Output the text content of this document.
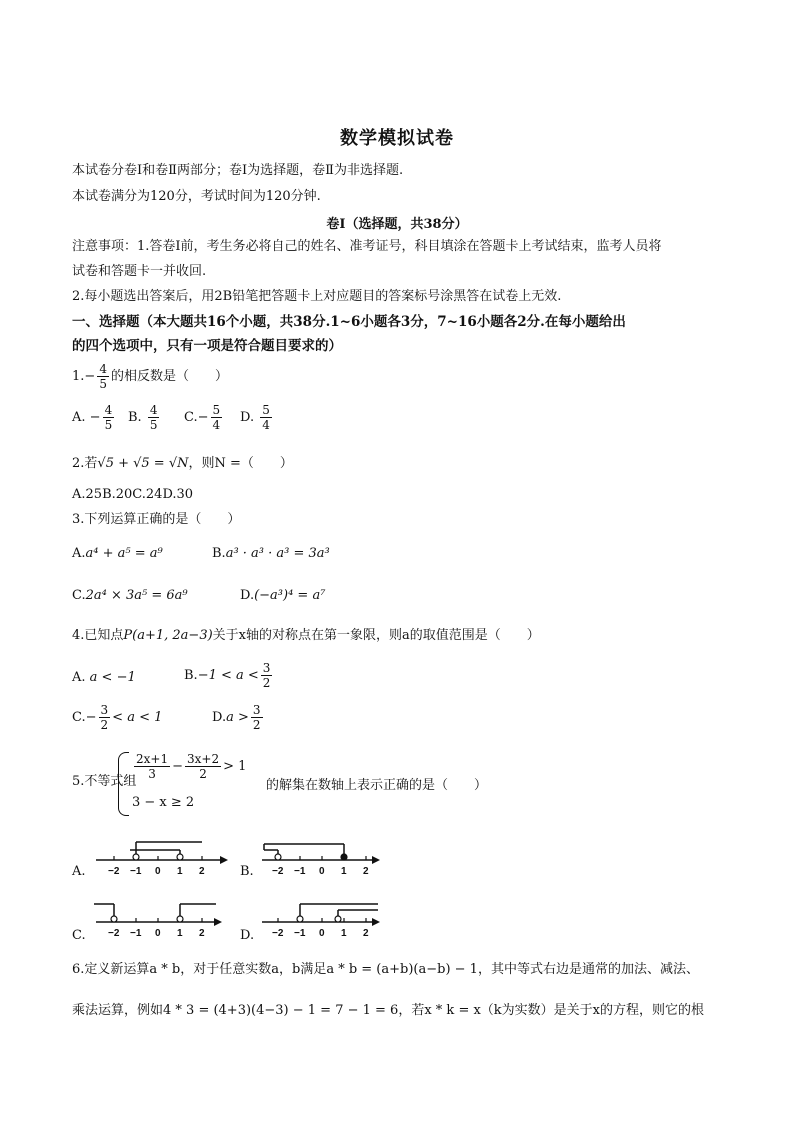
数学模拟试卷
本试卷分卷Ⅰ和卷Ⅱ两部分；卷Ⅰ为选择题，卷Ⅱ为非选择题.
本试卷满分为120分，考试时间为120分钟.
卷Ⅰ（选择题，共38分）
注意事项：1.答卷Ⅰ前，考生务必将自己的姓名、准考证号，科目填涂在答题卡上考试结束，监考人员将
试卷和答题卡一并收回.
2.每小题选出答案后，用2B铅笔把答题卡上对应题目的答案标号涂黑答在试卷上无效.
一、选择题（本大题共16个小题，共38分.1~6小题各3分，7~16小题各2分.在每小题给出
的四个选项中，只有一项是符合题目要求的）
$1.- \frac{4}{5}$ 的相反数是（　　）
A. − $\frac{4}{5} B$. $\frac{4}{5} C.- \frac{5}{4} D$. $\frac{5}{4}$
2.若√5 + √5 = √N，则N =（　　）
A.25B.20C.24D.30
3.下列运算正确的是（　　）
A.a⁴ + a⁵ = a⁹	B.a³ · a³ · a³ = 3a³
C.2a⁴ × 3a⁵ = 6a⁹	D.(−a³)⁴ = a⁷
4.已知点P(a+1, 2a−3)关于x轴的对称点在第一象限，则a的取值范围是（　　）
A. a < −1	$B.-1 < a < \frac{3}{2}$
$C.- \frac{3}{2} < a < 1$	$D.a > \frac{3}{2}$
5.不等式组
$\frac{2x+1}{3} - \frac{3x+2}{2} > 1$
3 − x ≥ 2
的解集在数轴上表示正确的是（　　）
A. −2 −1 0 1 2	B. −2 −1 0 1 2
C. −2 −1 0 1 2	D. −2 −1 0 1 2
6.定义新运算a * b，对于任意实数a，b满足a * b = (a+b)(a−b) − 1，其中等式右边是通常的加法、减法、
乘法运算，例如4 * 3 = (4+3)(4−3) − 1 = 7 − 1 = 6，若x * k = x（k为实数）是关于x的方程，则它的根
